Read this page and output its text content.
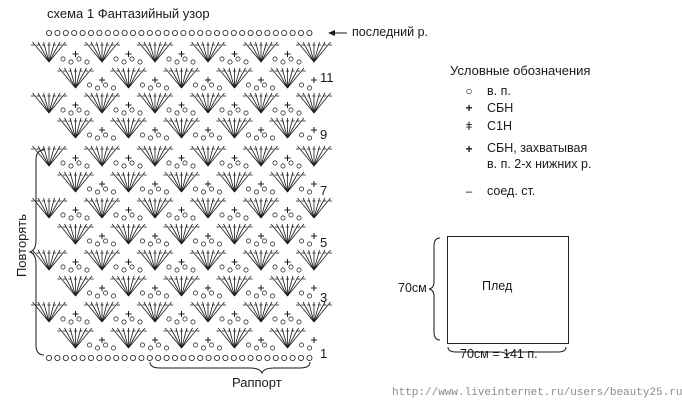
схема 1 Фантазийный узор
последний р.
11
9
7
5
3
1
Повторять
Раппорт
http://www.liveinternet.ru/users/beauty25.ru
Условные обозначения
○ в. п.
+ СБН
ǂ С1Н
+ СБН, захватывая
в. п. 2-х нижних р.
– соед. ст.
Плед
70см
70см = 141 п.
